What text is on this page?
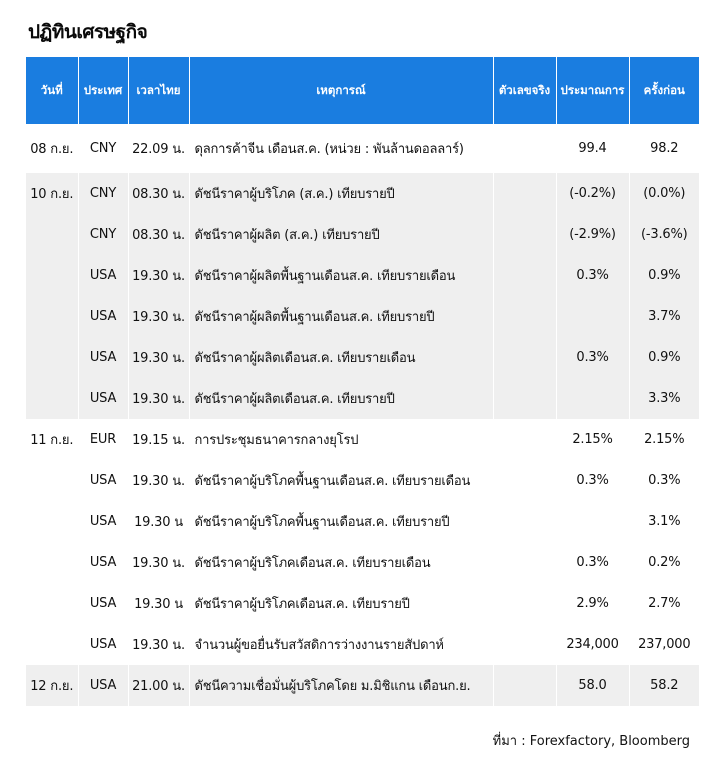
ปฏิทินเศรษฐกิจ
วันที่	ประเทศ	เวลาไทย	เหตุการณ์	ตัวเลขจริง	ประมาณการ	ครั้งก่อน

08 ก.ย.	CNY	22.09 น.	ดุลการค้าจีน เดือนส.ค. (หน่วย : พันล้านดอลลาร์)		99.4	98.2

10 ก.ย.	CNY	08.30 น.	ดัชนีราคาผู้บริโภค (ส.ค.) เทียบรายปี		(-0.2%)	(0.0%)
	CNY	08.30 น.	ดัชนีราคาผู้ผลิต (ส.ค.) เทียบรายปี		(-2.9%)	(-3.6%)
	USA	19.30 น.	ดัชนีราคาผู้ผลิตพื้นฐานเดือนส.ค. เทียบรายเดือน		0.3%	0.9%
	USA	19.30 น.	ดัชนีราคาผู้ผลิตพื้นฐานเดือนส.ค. เทียบรายปี			3.7%
	USA	19.30 น.	ดัชนีราคาผู้ผลิตเดือนส.ค. เทียบรายเดือน		0.3%	0.9%
	USA	19.30 น.	ดัชนีราคาผู้ผลิตเดือนส.ค. เทียบรายปี			3.3%
11 ก.ย.	EUR	19.15 น.	การประชุมธนาคารกลางยุโรป		2.15%	2.15%
	USA	19.30 น.	ดัชนีราคาผู้บริโภคพื้นฐานเดือนส.ค. เทียบรายเดือน		0.3%	0.3%
	USA	19.30 น	ดัชนีราคาผู้บริโภคพื้นฐานเดือนส.ค. เทียบรายปี			3.1%
	USA	19.30 น.	ดัชนีราคาผู้บริโภคเดือนส.ค. เทียบรายเดือน		0.3%	0.2%
	USA	19.30 น	ดัชนีราคาผู้บริโภคเดือนส.ค. เทียบรายปี		2.9%	2.7%
	USA	19.30 น.	จำนวนผู้ขอยื่นรับสวัสดิการว่างงานรายสัปดาห์		234,000	237,000
12 ก.ย.	USA	21.00 น.	ดัชนีความเชื่อมั่นผู้บริโภคโดย ม.มิชิแกน เดือนก.ย.		58.0	58.2
ที่มา : Forexfactory, Bloomberg
